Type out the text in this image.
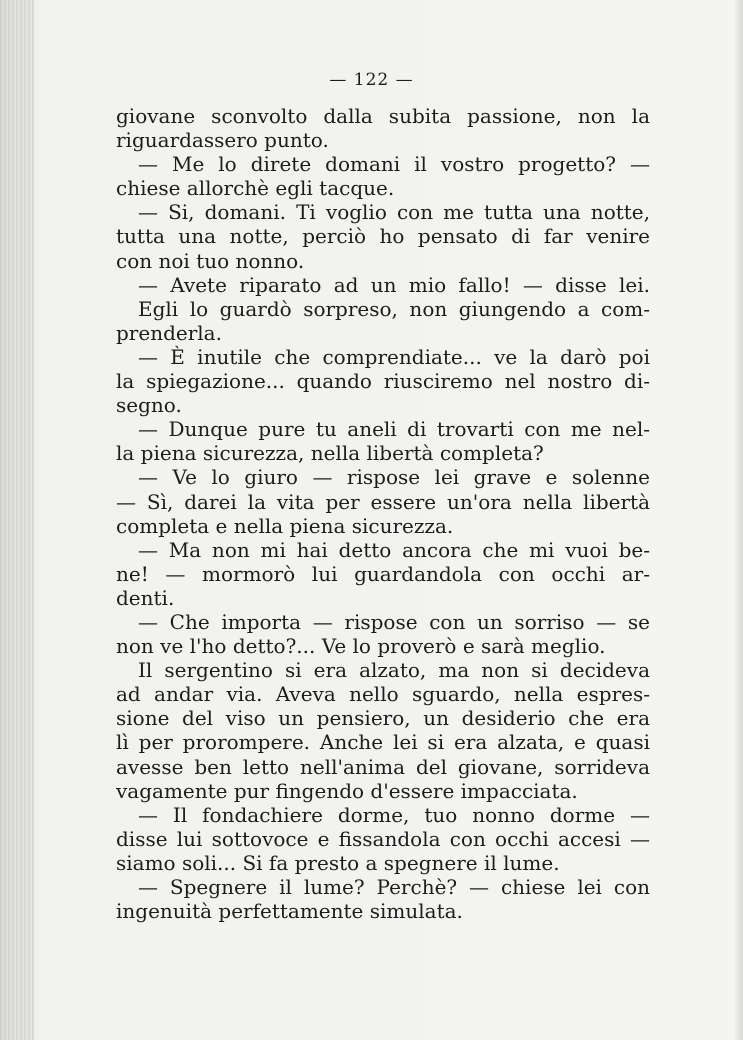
— 122 —
giovane sconvolto dalla subita passione, non la
riguardassero punto.
— Me lo direte domani il vostro progetto? —
chiese allorchè egli tacque.
— Si, domani. Ti voglio con me tutta una notte,
tutta una notte, perciò ho pensato di far venire
con noi tuo nonno.
— Avete riparato ad un mio fallo! — disse lei.
Egli lo guardò sorpreso, non giungendo a com-
prenderla.
— È inutile che comprendiate... ve la darò poi
la spiegazione... quando riusciremo nel nostro di-
segno.
— Dunque pure tu aneli di trovarti con me nel-
la piena sicurezza, nella libertà completa?
— Ve lo giuro — rispose lei grave e solenne
— Sì, darei la vita per essere un'ora nella libertà
completa e nella piena sicurezza.
— Ma non mi hai detto ancora che mi vuoi be-
ne! — mormorò lui guardandola con occhi ar-
denti.
— Che importa — rispose con un sorriso — se
non ve l'ho detto?... Ve lo proverò e sarà meglio.
Il sergentino si era alzato, ma non si decideva
ad andar via. Aveva nello sguardo, nella espres-
sione del viso un pensiero, un desiderio che era
lì per prorompere. Anche lei si era alzata, e quasi
avesse ben letto nell'anima del giovane, sorrideva
vagamente pur fingendo d'essere impacciata.
— Il fondachiere dorme, tuo nonno dorme —
disse lui sottovoce e fissandola con occhi accesi —
siamo soli... Si fa presto a spegnere il lume.
— Spegnere il lume? Perchè? — chiese lei con
ingenuità perfettamente simulata.
